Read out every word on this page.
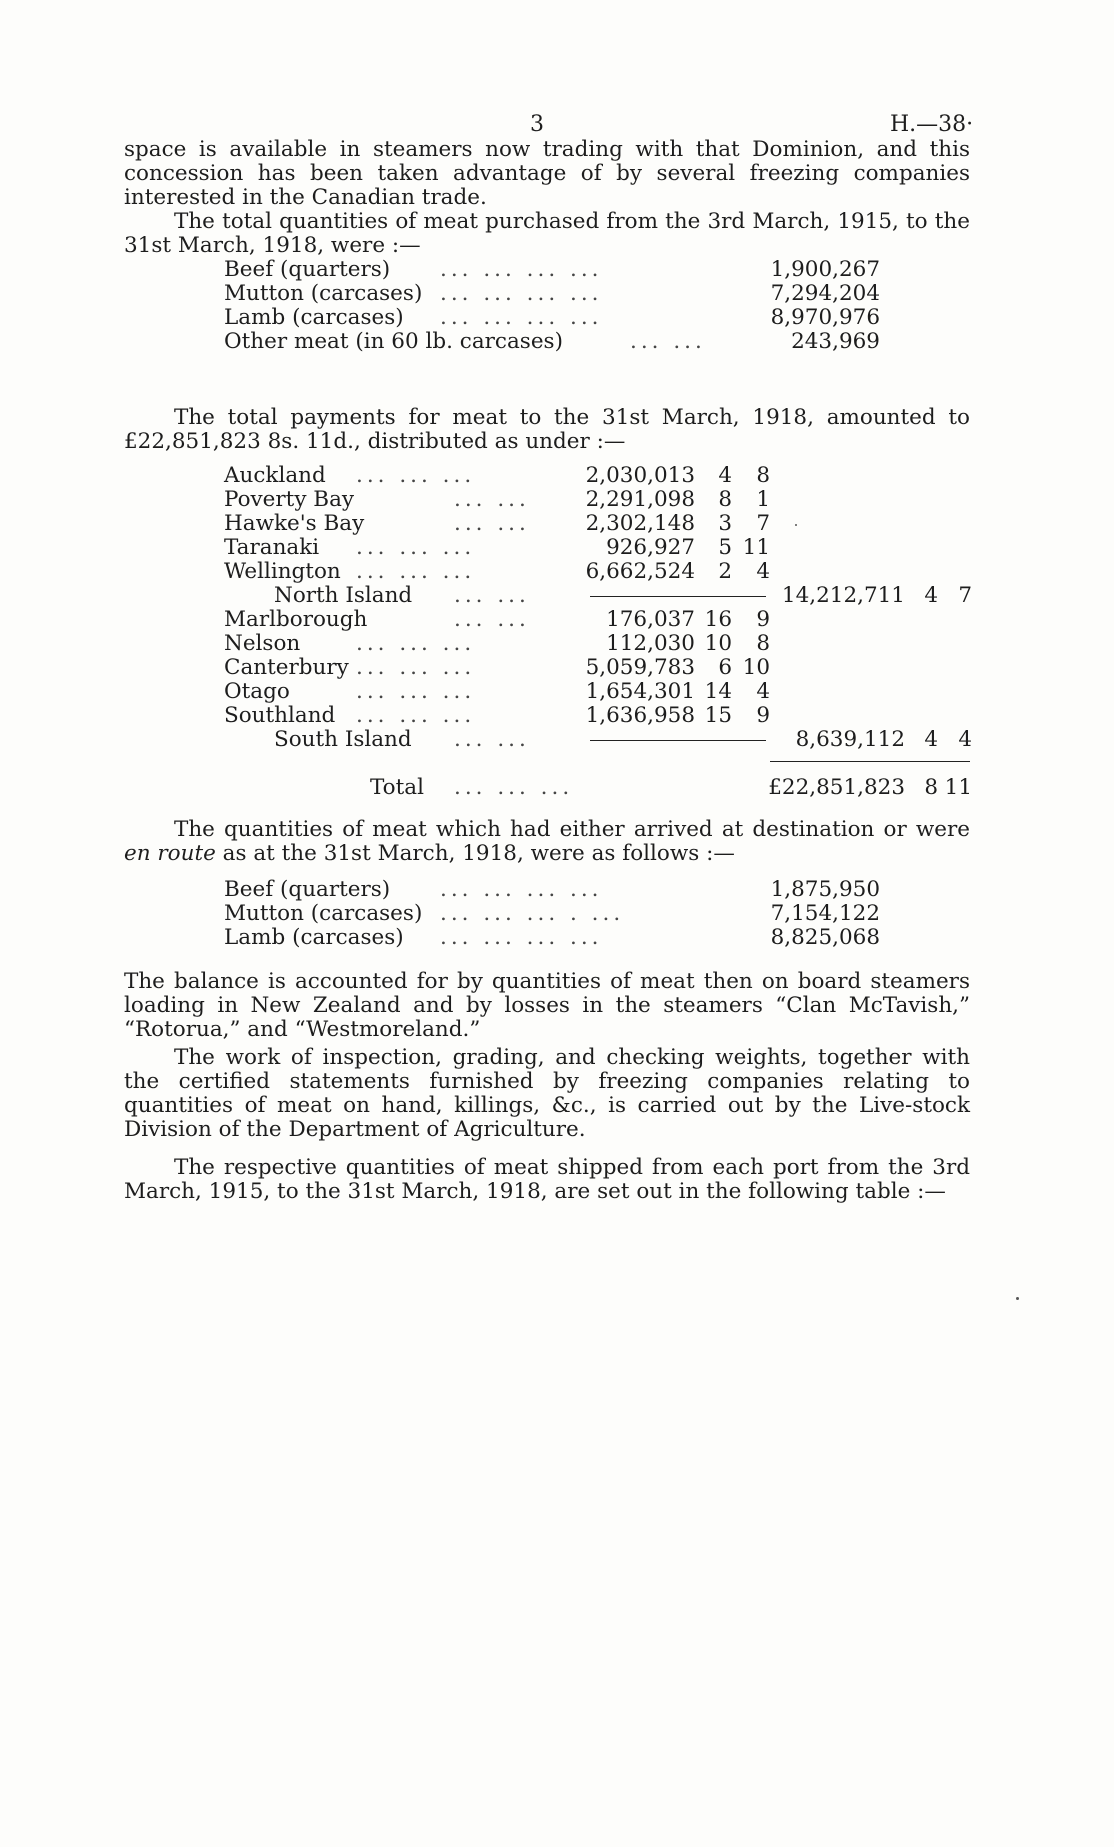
3	H.—38·

space is available in steamers now trading with that Dominion, and this concession has been taken advantage of by several freezing companies interested in the Canadian trade.

The total quantities of meat purchased from the 3rd March, 1915, to the 31st March, 1918, were :—

Beef (quarters) ... ... ... ...	1,900,267
Mutton (carcases) ... ... ... ...	7,294,204
Lamb (carcases) ... ... ... ...	8,970,976
Other meat (in 60 lb. carcases)	... ...	243,969

The total payments for meat to the 31st March, 1918, amounted to £22,851,823 8s. 11d., distributed as under :—

Auckland ... ... ...	2,030,013	4	8
Poverty Bay	... ...	2,291,098	8	1
Hawke's Bay	... ...	2,302,148	3	7
Taranaki ... ... ...	926,927	5 11
Wellington ... ... ...	6,662,524	2	4
North Island ... ...	14,212,711 4 7
Marlborough	... ...	176,037 16	9
Nelson	... ... ...	112,030 10	8
Canterbury ... ... ...	5,059,783	6 10
Otago	... ... ...	1,654,301 14	4
Southland ... ... ...	1,636,958 15	9
South Island ... ...	8,639,112 4 4
Total ... ... ...	£22,851,823 8 11

The quantities of meat which had either arrived at destination or were en route as at the 31st March, 1918, were as follows :—

Beef (quarters) ... ... ... ...	1,875,950
Mutton (carcases) ... ... ... . ...	7,154,122
Lamb (carcases) ... ... ... ...	8,825,068

The balance is accounted for by quantities of meat then on board steamers loading in New Zealand and by losses in the steamers “Clan McTavish,” “Rotorua,” and “Westmoreland.”

The work of inspection, grading, and checking weights, together with the certified statements furnished by freezing companies relating to quantities of meat on hand, killings, &c., is carried out by the Live-stock Division of the Department of Agriculture.

The respective quantities of meat shipped from each port from the 3rd March, 1915, to the 31st March, 1918, are set out in the following table :—
